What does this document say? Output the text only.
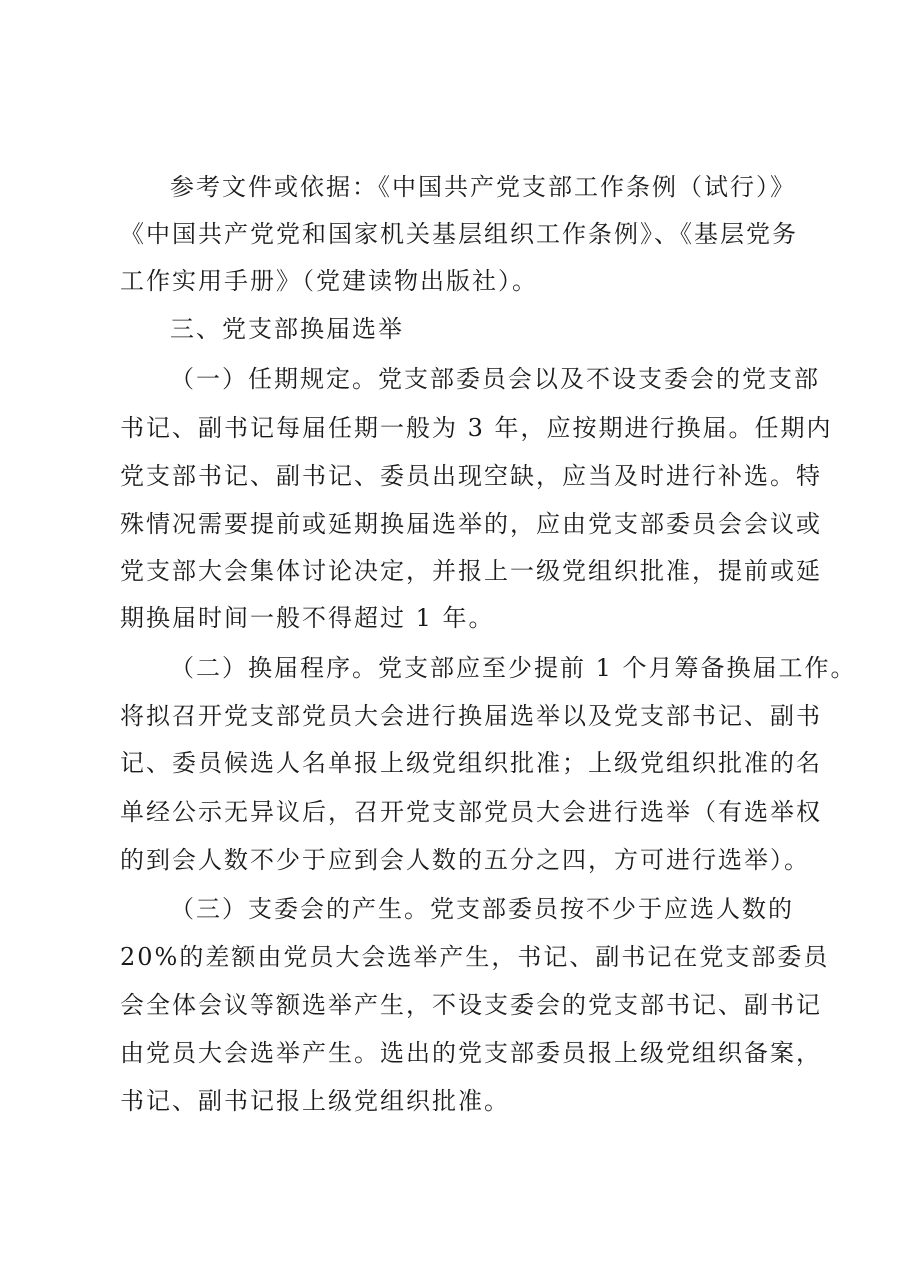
参考文件或依据：《中国共产党支部工作条例（试行）》
《中国共产党党和国家机关基层组织工作条例》、《基层党务
工作实用手册》（党建读物出版社）。
三、党支部换届选举
（一）任期规定。党支部委员会以及不设支委会的党支部
书记、副书记每届任期一般为 3 年，应按期进行换届。任期内
党支部书记、副书记、委员出现空缺，应当及时进行补选。特
殊情况需要提前或延期换届选举的，应由党支部委员会会议或
党支部大会集体讨论决定，并报上一级党组织批准，提前或延
期换届时间一般不得超过 1 年。
（二）换届程序。党支部应至少提前 1 个月筹备换届工作。
将拟召开党支部党员大会进行换届选举以及党支部书记、副书
记、委员候选人名单报上级党组织批准；上级党组织批准的名
单经公示无异议后，召开党支部党员大会进行选举（有选举权
的到会人数不少于应到会人数的五分之四，方可进行选举）。
（三）支委会的产生。党支部委员按不少于应选人数的
20%的差额由党员大会选举产生，书记、副书记在党支部委员
会全体会议等额选举产生，不设支委会的党支部书记、副书记
由党员大会选举产生。选出的党支部委员报上级党组织备案，
书记、副书记报上级党组织批准。
